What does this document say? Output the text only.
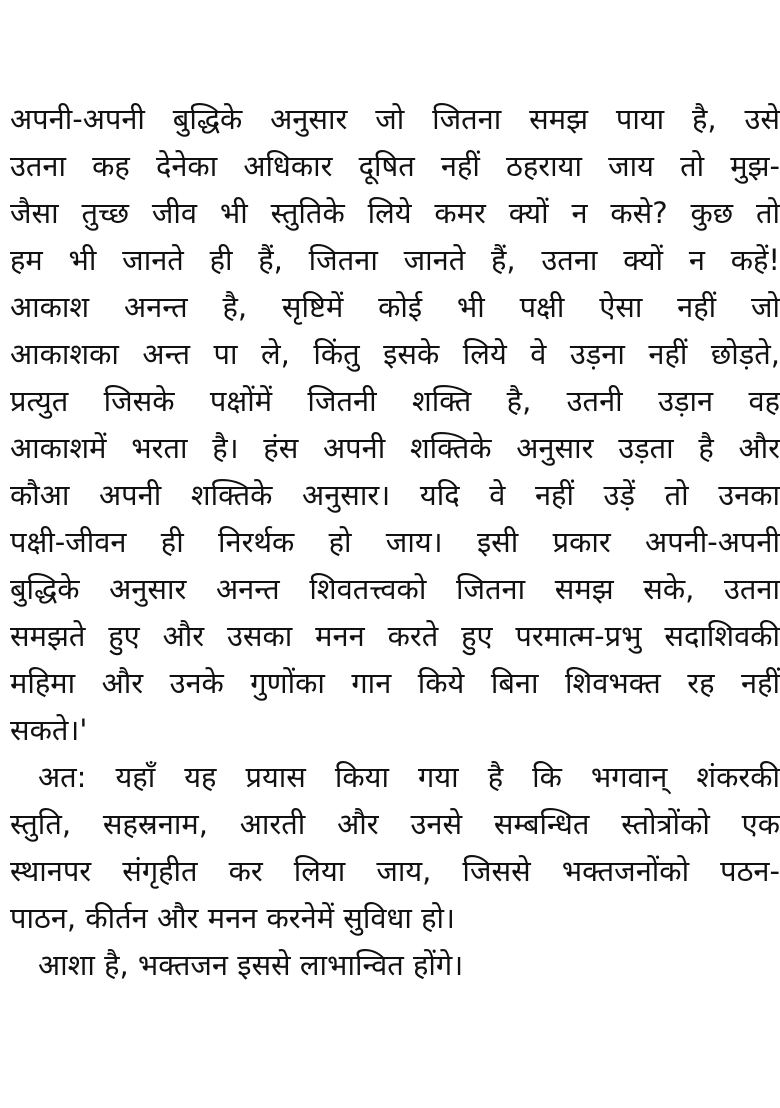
अपनी-अपनी बुद्धिके अनुसार जो जितना समझ पाया है, उसे
उतना कह देनेका अधिकार दूषित नहीं ठहराया जाय तो मुझ-
जैसा तुच्छ जीव भी स्तुतिके लिये कमर क्यों न कसे? कुछ तो
हम भी जानते ही हैं, जितना जानते हैं, उतना क्यों न कहें!
आकाश अनन्त है, सृष्टिमें कोई भी पक्षी ऐसा नहीं जो
आकाशका अन्त पा ले, किंतु इसके लिये वे उड़ना नहीं छोड़ते,
प्रत्युत जिसके पक्षोंमें जितनी शक्ति है, उतनी उड़ान वह
आकाशमें भरता है। हंस अपनी शक्तिके अनुसार उड़ता है और
कौआ अपनी शक्तिके अनुसार। यदि वे नहीं उड़ें तो उनका
पक्षी-जीवन ही निरर्थक हो जाय। इसी प्रकार अपनी-अपनी
बुद्धिके अनुसार अनन्त शिवतत्त्वको जितना समझ सके, उतना
समझते हुए और उसका मनन करते हुए परमात्म-प्रभु सदाशिवकी
महिमा और उनके गुणोंका गान किये बिना शिवभक्त रह नहीं
सकते।'
अत: यहाँ यह प्रयास किया गया है कि भगवान् शंकरकी
स्तुति, सहस्रनाम, आरती और उनसे सम्बन्धित स्तोत्रोंको एक
स्थानपर संगृहीत कर लिया जाय, जिससे भक्तजनोंको पठन-
पाठन, कीर्तन और मनन करनेमें सुविधा हो।
आशा है, भक्तजन इससे लाभान्वित होंगे।
